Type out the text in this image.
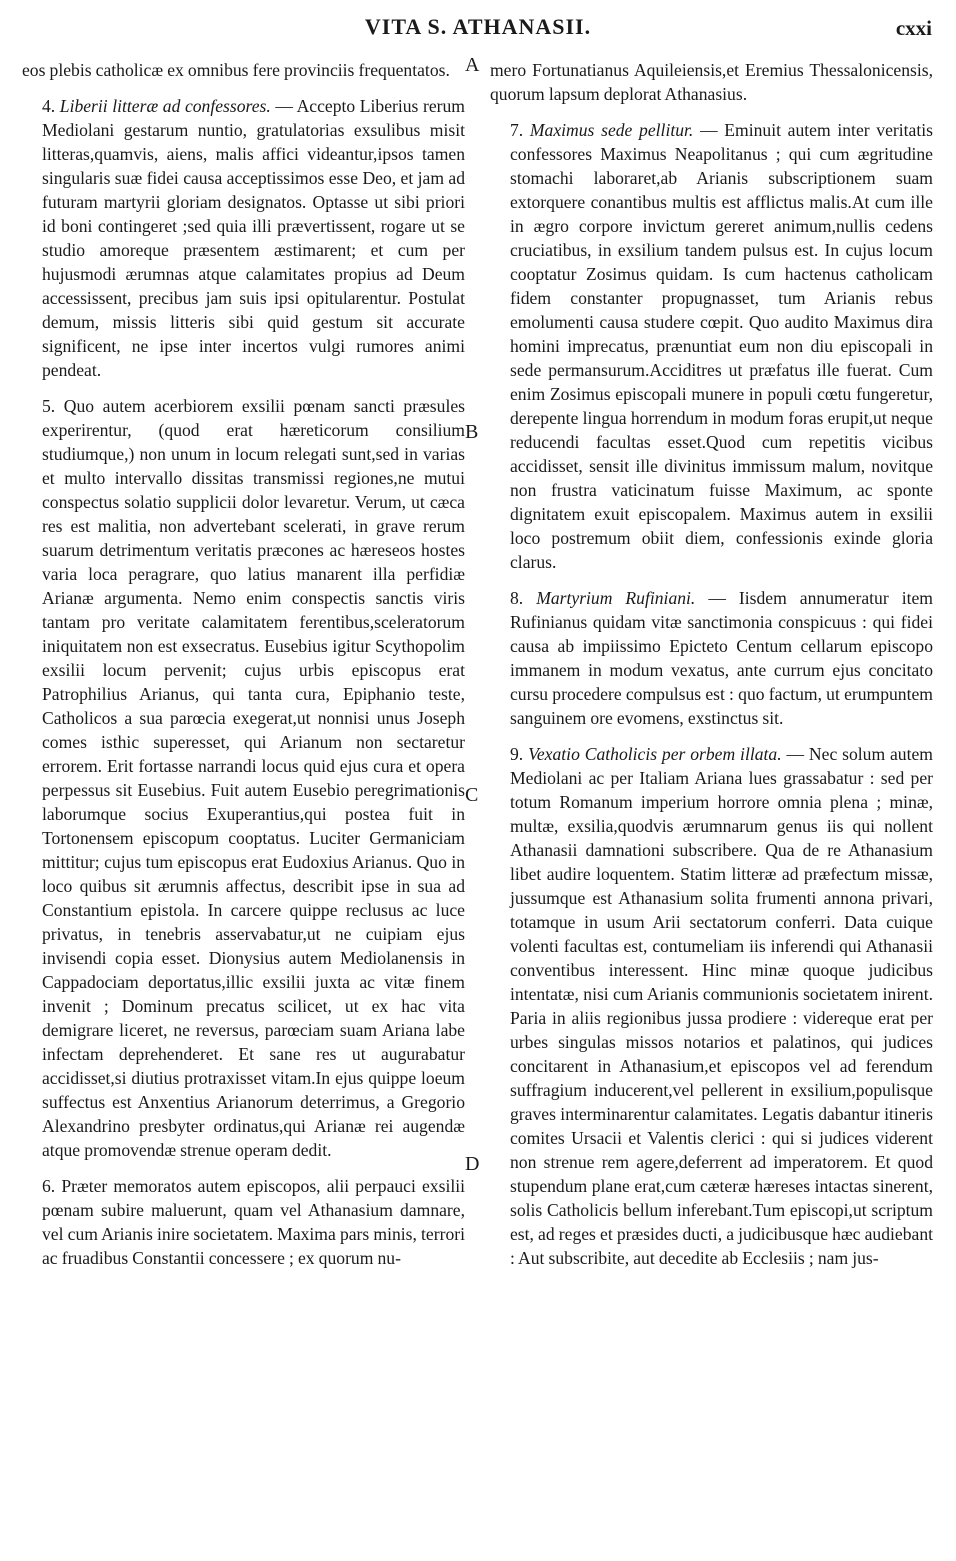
VITA S. ATHANASII.	cxxi
A
B
C
D

eos plebis catholicæ ex omnibus fere provinciis frequentatos.

4. Liberii litteræ ad confessores. — Accepto Liberius rerum Mediolani gestarum nuntio, gratulatorias exsulibus misit litteras,quamvis, aiens, malis affici videantur,ipsos tamen singularis suæ fidei causa acceptissimos esse Deo, et jam ad futuram martyrii gloriam designatos. Optasse ut sibi priori id boni contingeret ;sed quia illi prævertissent, rogare ut se studio amoreque præsentem æstimarent; et cum per hujusmodi ærumnas atque calamitates propius ad Deum accessissent, precibus jam suis ipsi opitularentur. Postulat demum, missis litteris sibi quid gestum sit accurate significent, ne ipse inter incertos vulgi rumores animi pendeat.

5. Quo autem acerbiorem exsilii pœnam sancti præsules experirentur, (quod erat hæreticorum consilium studiumque,) non unum in locum relegati sunt,sed in varias et multo intervallo dissitas transmissi regiones,ne mutui conspectus solatio supplicii dolor levaretur. Verum, ut cæca res est malitia, non advertebant scelerati, in grave rerum suarum detrimentum veritatis præcones ac hæreseos hostes varia loca peragrare, quo latius manarent illa perfidiæ Arianæ argumenta. Nemo enim conspectis sanctis viris tantam pro veritate calamitatem ferentibus,sceleratorum iniquitatem non est exsecratus. Eusebius igitur Scythopolim exsilii locum pervenit; cujus urbis episcopus erat Patrophilius Arianus, qui tanta cura, Epiphanio teste, Catholicos a sua parœcia exegerat,ut nonnisi unus Joseph comes isthic superesset, qui Arianum non sectaretur errorem. Erit fortasse narrandi locus quid ejus cura et opera perpessus sit Eusebius. Fuit autem Eusebio peregrimationis laborumque socius Exuperantius,qui postea fuit in Tortonensem episcopum cooptatus. Luciter Germaniciam mittitur; cujus tum episcopus erat Eudoxius Arianus. Quo in loco quibus sit ærumnis affectus, describit ipse in sua ad Constantium epistola. In carcere quippe reclusus ac luce privatus, in tenebris asservabatur,ut ne cuipiam ejus invisendi copia esset. Dionysius autem Mediolanensis in Cappadociam deportatus,illic exsilii juxta ac vitæ finem invenit ; Dominum precatus scilicet, ut ex hac vita demigrare liceret, ne reversus, parœciam suam Ariana labe infectam deprehenderet. Et sane res ut augurabatur accidisset,si diutius protraxisset vitam.In ejus quippe loeum suffectus est Anxentius Arianorum deterrimus, a Gregorio Alexandrino presbyter ordinatus,qui Arianæ rei augendæ atque promovendæ strenue operam dedit.

6. Præter memoratos autem episcopos, alii perpauci exsilii pœnam subire maluerunt, quam vel Athanasium damnare, vel cum Arianis inire societatem. Maxima pars minis, terrori ac fruadibus Constantii concessere ; ex quorum nu-

mero Fortunatianus Aquileiensis,et Eremius Thessalonicensis, quorum lapsum deplorat Athanasius.

7. Maximus sede pellitur. — Eminuit autem inter veritatis confessores Maximus Neapolitanus ; qui cum ægritudine stomachi laboraret,ab Arianis subscriptionem suam extorquere conantibus multis est afflictus malis.At cum ille in ægro corpore invictum gereret animum,nullis cedens cruciatibus, in exsilium tandem pulsus est. In cujus locum cooptatur Zosimus quidam. Is cum hactenus catholicam fidem constanter propugnasset, tum Arianis rebus emolumenti causa studere cœpit. Quo audito Maximus dira homini imprecatus, prænuntiat eum non diu episcopali in sede permansurum.Acciditres ut præfatus ille fuerat. Cum enim Zosimus episcopali munere in populi cœtu fungeretur, derepente lingua horrendum in modum foras erupit,ut neque reducendi facultas esset.Quod cum repetitis vicibus accidisset, sensit ille divinitus immissum malum, novitque non frustra vaticinatum fuisse Maximum, ac sponte dignitatem exuit episcopalem. Maximus autem in exsilii loco postremum obiit diem, confessionis exinde gloria clarus.

8. Martyrium Rufiniani. — Iisdem annumeratur item Rufinianus quidam vitæ sanctimonia conspicuus : qui fidei causa ab impiissimo Epicteto Centum cellarum episcopo immanem in modum vexatus, ante currum ejus concitato cursu procedere compulsus est : quo factum, ut erumpuntem sanguinem ore evomens, exstinctus sit.

9. Vexatio Catholicis per orbem illata. — Nec solum autem Mediolani ac per Italiam Ariana lues grassabatur : sed per totum Romanum imperium horrore omnia plena ; minæ, multæ, exsilia,quodvis ærumnarum genus iis qui nollent Athanasii damnationi subscribere. Qua de re Athanasium libet audire loquentem. Statim litteræ ad præfectum missæ, jussumque est Athanasium solita frumenti annona privari, totamque in usum Arii sectatorum conferri. Data cuique volenti facultas est, contumeliam iis inferendi qui Athanasii conventibus interessent. Hinc minæ quoque judicibus intentatæ, nisi cum Arianis communionis societatem inirent. Paria in aliis regionibus jussa prodiere : videreque erat per urbes singulas missos notarios et palatinos, qui judices concitarent in Athanasium,et episcopos vel ad ferendum suffragium inducerent,vel pellerent in exsilium,populisque graves interminarentur calamitates. Legatis dabantur itineris comites Ursacii et Valentis clerici : qui si judices viderent non strenue rem agere,deferrent ad imperatorem. Et quod stupendum plane erat,cum cæteræ hæreses intactas sinerent, solis Catholicis bellum inferebant.Tum episcopi,ut scriptum est, ad reges et præsides ducti, a judicibusque hæc audiebant : Aut subscribite, aut decedite ab Ecclesiis ; nam jus-
